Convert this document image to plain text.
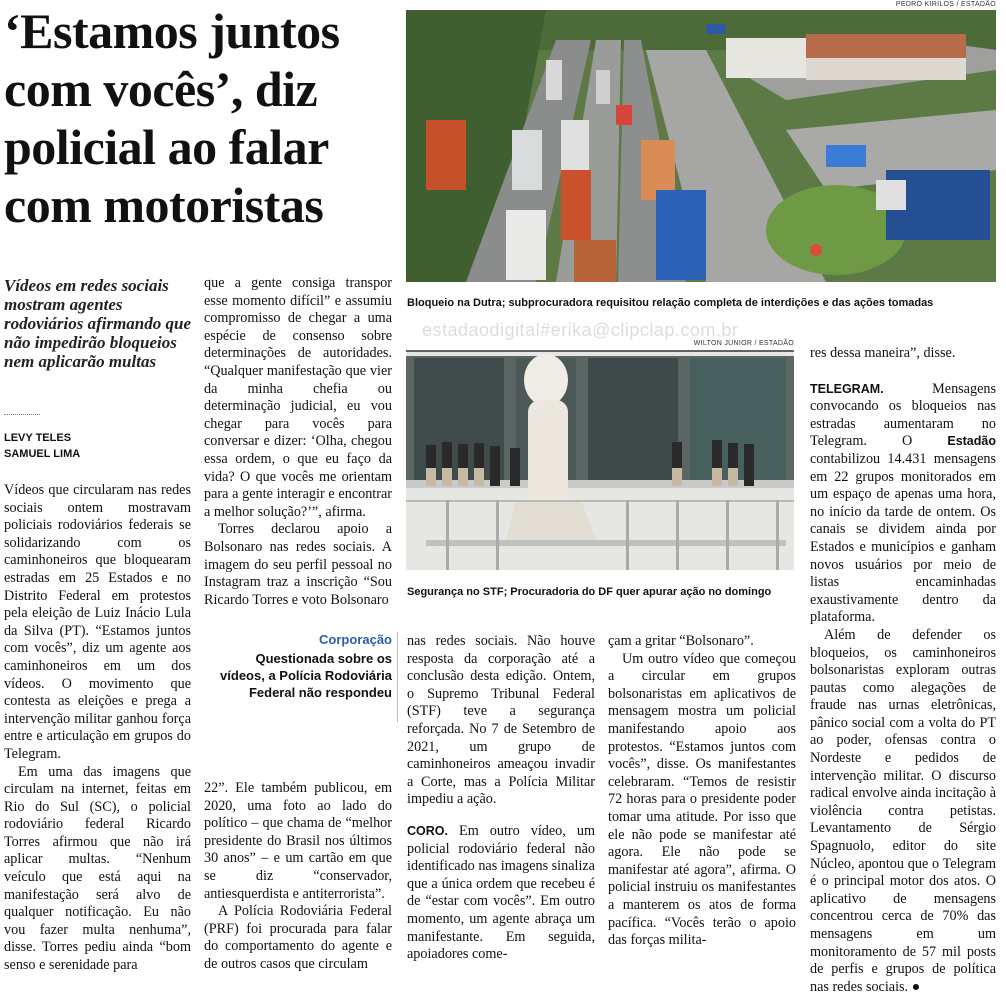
‘Estamos juntos com vocês’, diz policial ao falar com motoristas
Vídeos em redes sociais mostram agentes rodoviários afirmando que não impedirão bloqueios nem aplicarão multas
LEVY TELES
SAMUEL LIMA

Vídeos que circularam nas redes sociais ontem mostravam policiais rodoviários federais se solidarizando com os caminhoneiros que bloquearam estradas em 25 Estados e no Distrito Federal em protestos pela eleição de Luiz Inácio Lula da Silva (PT). “Estamos juntos com vocês”, diz um agente aos caminhoneiros em um dos vídeos. O movimento que contesta as eleições e prega a intervenção militar ganhou força entre e articulação em grupos do Telegram.

Em uma das imagens que circulam na internet, feitas em Rio do Sul (SC), o policial rodoviário federal Ricardo Torres afirmou que não irá aplicar multas. “Nenhum veículo que está aqui na manifestação será alvo de qualquer notificação. Eu não vou fazer multa nenhuma”, disse. Torres pediu ainda “bom senso e serenidade para

que a gente consiga transpor esse momento difícil” e assumiu compromisso de chegar a uma espécie de consenso sobre determinações de autoridades. “Qualquer manifestação que vier da minha chefia ou determinação judicial, eu vou chegar para vocês para conversar e dizer: ‘Olha, chegou essa ordem, o que eu faço da vida? O que vocês me orientam para a gente interagir e encontrar a melhor solução?’”, afirma.

Torres declarou apoio a Bolsonaro nas redes sociais. A imagem do seu perfil pessoal no Instagram traz a inscrição “Sou Ricardo Torres e voto Bolsonaro

Corporação
Questionada sobre os vídeos, a Polícia Rodoviária Federal não respondeu

22”. Ele também publicou, em 2020, uma foto ao lado do político – que chama de “melhor presidente do Brasil nos últimos 30 anos” – e um cartão em que se diz “conservador, antiesquerdista e antiterrorista”.

A Polícia Rodoviária Federal (PRF) foi procurada para falar do comportamento do agente e de outros casos que circulam

PEDRO KIRILOS / ESTADÃO
Bloqueio na Dutra; subprocuradora requisitou relação completa de interdições e das ações tomadas
estadaodigital#erika@clipclap.com.br
WILTON JUNIOR / ESTADÃO
Segurança no STF; Procuradoria do DF quer apurar ação no domingo

nas redes sociais. Não houve resposta da corporação até a conclusão desta edição. Ontem, o Supremo Tribunal Federal (STF) teve a segurança reforçada. No 7 de Setembro de 2021, um grupo de caminhoneiros ameaçou invadir a Corte, mas a Polícia Militar impediu a ação.

CORO. Em outro vídeo, um policial rodoviário federal não identificado nas imagens sinaliza que a única ordem que recebeu é de “estar com vocês”. Em outro momento, um agente abraça um manifestante. Em seguida, apoiadores come-

çam a gritar “Bolsonaro”.

Um outro vídeo que começou a circular em grupos bolsonaristas em aplicativos de mensagem mostra um policial manifestando apoio aos protestos. “Estamos juntos com vocês”, disse. Os manifestantes celebraram. “Temos de resistir 72 horas para o presidente poder tomar uma atitude. Por isso que ele não pode se manifestar até agora. Ele não pode se manifestar até agora”, afirma. O policial instruiu os manifestantes a manterem os atos de forma pacífica. “Vocês terão o apoio das forças milita-

res dessa maneira”, disse.

TELEGRAM. Mensagens convocando os bloqueios nas estradas aumentaram no Telegram. O Estadão contabilizou 14.431 mensagens em 22 grupos monitorados em um espaço de apenas uma hora, no início da tarde de ontem. Os canais se dividem ainda por Estados e municípios e ganham novos usuários por meio de listas encaminhadas exaustivamente dentro da plataforma.

Além de defender os bloqueios, os caminhoneiros bolsonaristas exploram outras pautas como alegações de fraude nas urnas eletrônicas, pânico social com a volta do PT ao poder, ofensas contra o Nordeste e pedidos de intervenção militar. O discurso radical envolve ainda incitação à violência contra petistas. Levantamento de Sérgio Spagnuolo, editor do site Núcleo, apontou que o Telegram é o principal motor dos atos. O aplicativo de mensagens concentrou cerca de 70% das mensagens em um monitoramento de 57 mil posts de perfis e grupos de política nas redes sociais. ●
